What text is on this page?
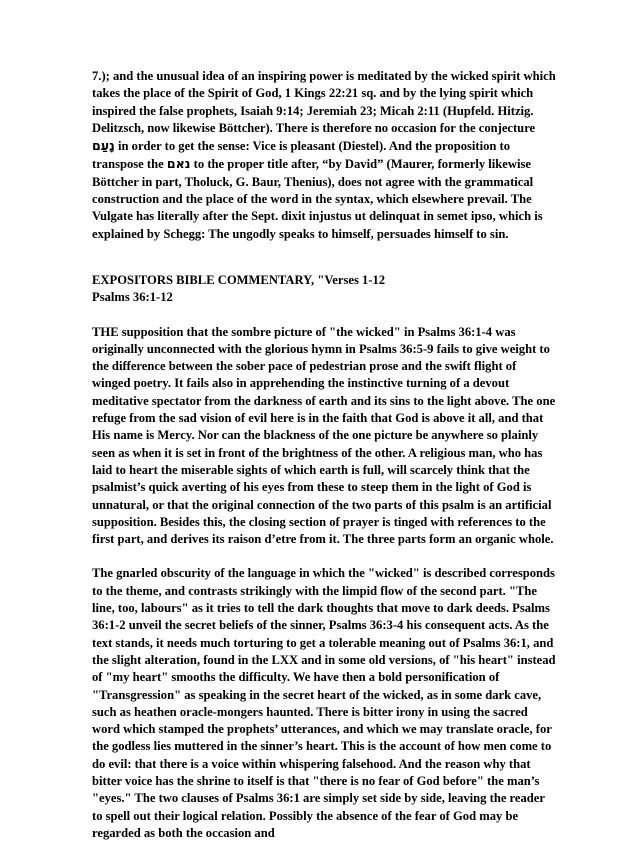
7.); and the unusual idea of an inspiring power is meditated by the wicked spirit which takes the place of the Spirit of God, 1 Kings 22:21 sq. and by the lying spirit which inspired the false prophets, Isaiah 9:14; Jeremiah 23; Micah 2:11 (Hupfeld. Hitzig. Delitzsch, now likewise Böttcher). There is therefore no occasion for the conjecture נָעַם in order to get the sense: Vice is pleasant (Diestel). And the proposition to transpose the נאם to the proper title after, “by David” (Maurer, formerly likewise Böttcher in part, Tholuck, G. Baur, Thenius), does not agree with the grammatical construction and the place of the word in the syntax, which elsewhere prevail. The Vulgate has literally after the Sept. dixit injustus ut delinquat in semet ipso, which is explained by Schegg: The ungodly speaks to himself, persuades himself to sin.

EXPOSITORS BIBLE COMMENTARY, "Verses 1-12

Psalms 36:1-12

THE supposition that the sombre picture of "the wicked" in Psalms 36:1-4 was originally unconnected with the glorious hymn in Psalms 36:5-9 fails to give weight to the difference between the sober pace of pedestrian prose and the swift flight of winged poetry. It fails also in apprehending the instinctive turning of a devout meditative spectator from the darkness of earth and its sins to the light above. The one refuge from the sad vision of evil here is in the faith that God is above it all, and that His name is Mercy. Nor can the blackness of the one picture be anywhere so plainly seen as when it is set in front of the brightness of the other. A religious man, who has laid to heart the miserable sights of which earth is full, will scarcely think that the psalmist’s quick averting of his eyes from these to steep them in the light of God is unnatural, or that the original connection of the two parts of this psalm is an artificial supposition. Besides this, the closing section of prayer is tinged with references to the first part, and derives its raison d’etre from it. The three parts form an organic whole.

The gnarled obscurity of the language in which the "wicked" is described corresponds to the theme, and contrasts strikingly with the limpid flow of the second part. "The line, too, labours" as it tries to tell the dark thoughts that move to dark deeds. Psalms 36:1-2 unveil the secret beliefs of the sinner, Psalms 36:3-4 his consequent acts. As the text stands, it needs much torturing to get a tolerable meaning out of Psalms 36:1, and the slight alteration, found in the LXX and in some old versions, of "his heart" instead of "my heart" smooths the difficulty. We have then a bold personification of "Transgression" as speaking in the secret heart of the wicked, as in some dark cave, such as heathen oracle-mongers haunted. There is bitter irony in using the sacred word which stamped the prophets’ utterances, and which we may translate oracle, for the godless lies muttered in the sinner’s heart. This is the account of how men come to do evil: that there is a voice within whispering falsehood. And the reason why that bitter voice has the shrine to itself is that "there is no fear of God before" the man’s "eyes." The two clauses of Psalms 36:1 are simply set side by side, leaving the reader to spell out their logical relation. Possibly the absence of the fear of God may be regarded as both the occasion and
